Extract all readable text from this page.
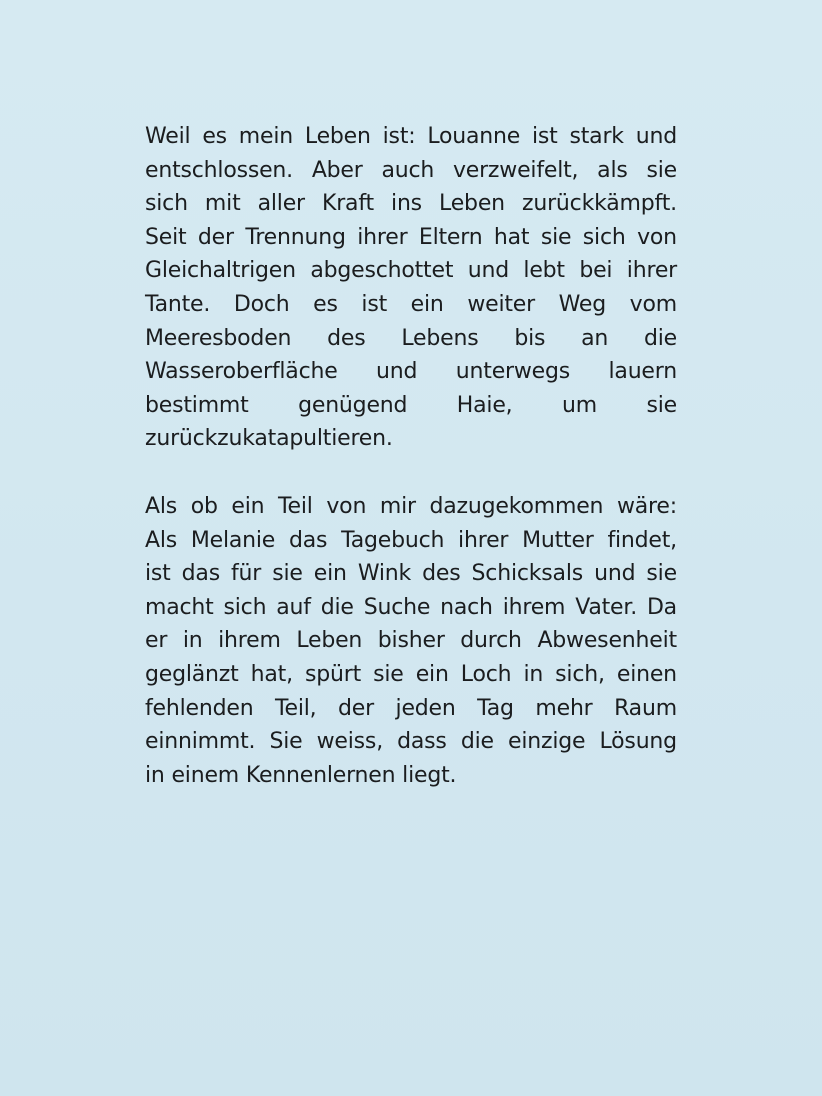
Weil es mein Leben ist: Louanne ist stark und
entschlossen. Aber auch verzweifelt, als sie
sich mit aller Kraft ins Leben zurückkämpft.
Seit der Trennung ihrer Eltern hat sie sich von
Gleichaltrigen abgeschottet und lebt bei ihrer
Tante. Doch es ist ein weiter Weg vom
Meeresboden des Lebens bis an die
Wasseroberfläche und unterwegs lauern
bestimmt genügend Haie, um sie
zurückzukatapultieren.
Als ob ein Teil von mir dazugekommen wäre:
Als Melanie das Tagebuch ihrer Mutter findet,
ist das für sie ein Wink des Schicksals und sie
macht sich auf die Suche nach ihrem Vater. Da
er in ihrem Leben bisher durch Abwesenheit
geglänzt hat, spürt sie ein Loch in sich, einen
fehlenden Teil, der jeden Tag mehr Raum
einnimmt. Sie weiss, dass die einzige Lösung
in einem Kennenlernen liegt.
